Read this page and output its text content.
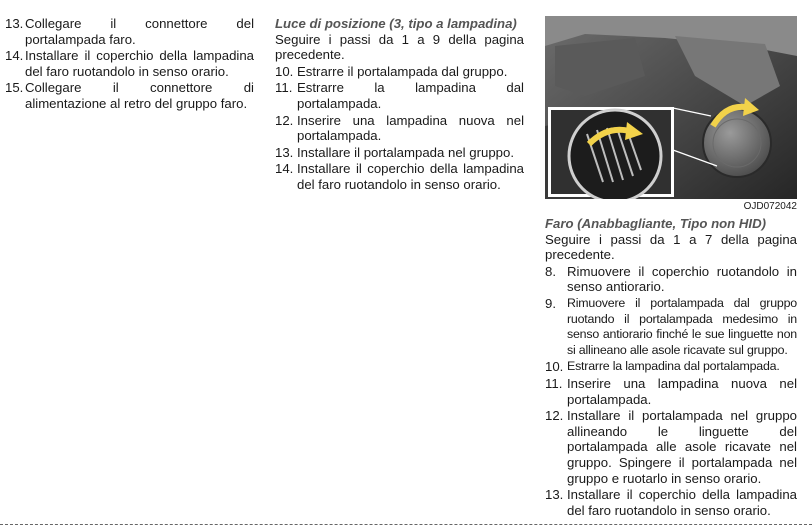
13. Collegare il connettore del portalampada faro.
14. Installare il coperchio della lampadina del faro ruotandolo in senso orario.
15. Collegare il connettore di alimentazione al retro del gruppo faro.

Luce di posizione (3, tipo a lampadina)

Seguire i passi da 1 a 9 della pagina precedente.

10. Estrarre il portalampada dal gruppo.
11. Estrarre la lampadina dal portalampada.
12. Inserire una lampadina nuova nel portalampada.
13. Installare il portalampada nel gruppo.
14. Installare il coperchio della lampadina del faro ruotandolo in senso orario.
OJD072042

Faro (Anabbagliante, Tipo non HID)

Seguire i passi da 1 a 7 della pagina precedente.

8. Rimuovere il coperchio ruotandolo in senso antiorario.
9. Rimuovere il portalampada dal gruppo ruotando il portalampada medesimo in senso antiorario finché le sue linguette non si allineano alle asole ricavate sul gruppo.
10. Estrarre la lampadina dal portalampada.
11. Inserire una lampadina nuova nel portalampada.
12. Installare il portalampada nel gruppo allineando le linguette del portalampada alle asole ricavate nel gruppo. Spingere il portalampada nel gruppo e ruotarlo in senso orario.
13. Installare il coperchio della lampadina del faro ruotandolo in senso orario.
